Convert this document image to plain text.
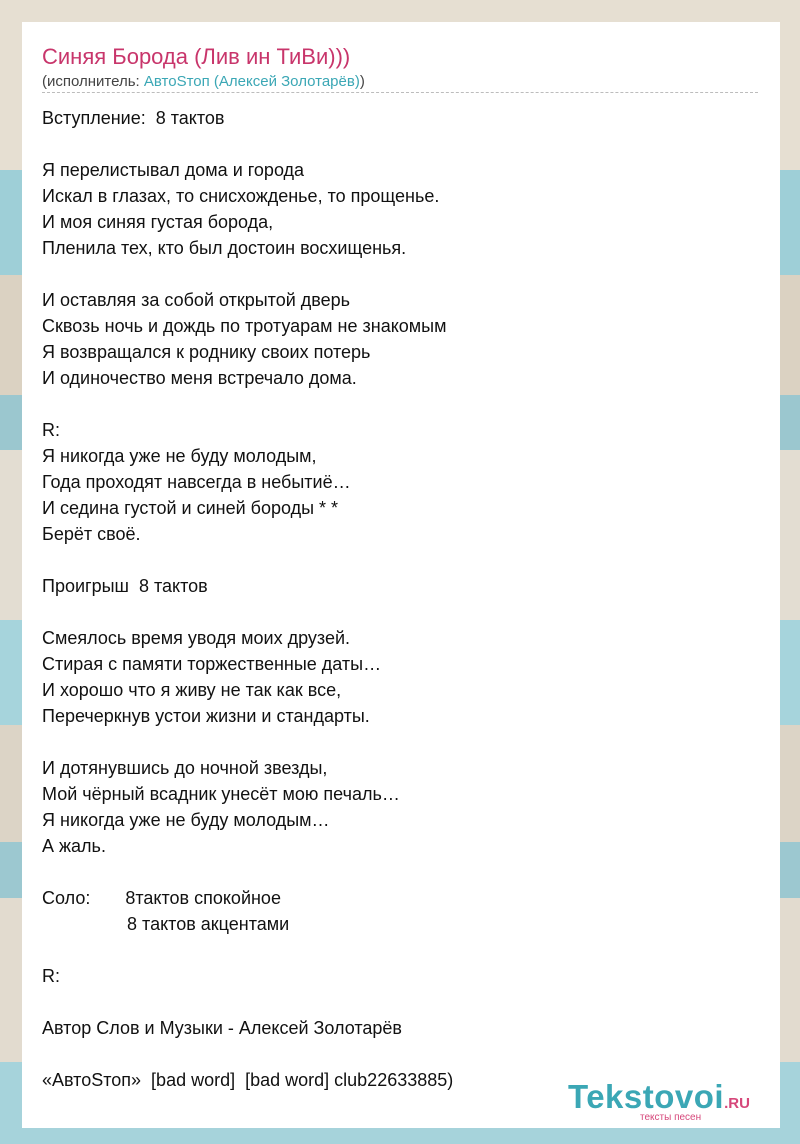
Синяя Борода (Лив ин ТиВи)))
(исполнитель: АвтоSтоп (Алексей Золотарёв))
Вступление:  8 тактов
Я перелистывал дома и города
Искал в глазах, то снисхожденье, то прощенье.
И моя синяя густая борода,
Пленила тех, кто был достоин восхищенья.
И оставляя за собой открытой дверь
Сквозь ночь и дождь по тротуарам не знакомым
Я возвращался к роднику своих потерь
И одиночество меня встречало дома.
R:
Я никогда уже не буду молодым,
Года проходят навсегда в небытиё…
И седина густой и синей бороды * *
Берёт своё.
Проигрыш  8 тактов
Смеялось время уводя моих друзей.
Стирая с памяти торжественные даты…
И хорошо что я живу не так как все,
Перечеркнув устои жизни и стандарты.
И дотянувшись до ночной звезды,
Мой чёрный всадник унесёт мою печаль…
Я никогда уже не буду молодым…
А жаль.
Соло:       8тактов спокойное
8 тактов акцентами
R:
Автор Слов и Музыки - Алексей Золотарёв
«АвтоSтоп»  [bad word]  [bad word] club22633885)	Tekstovoi.RU
тексты песен
